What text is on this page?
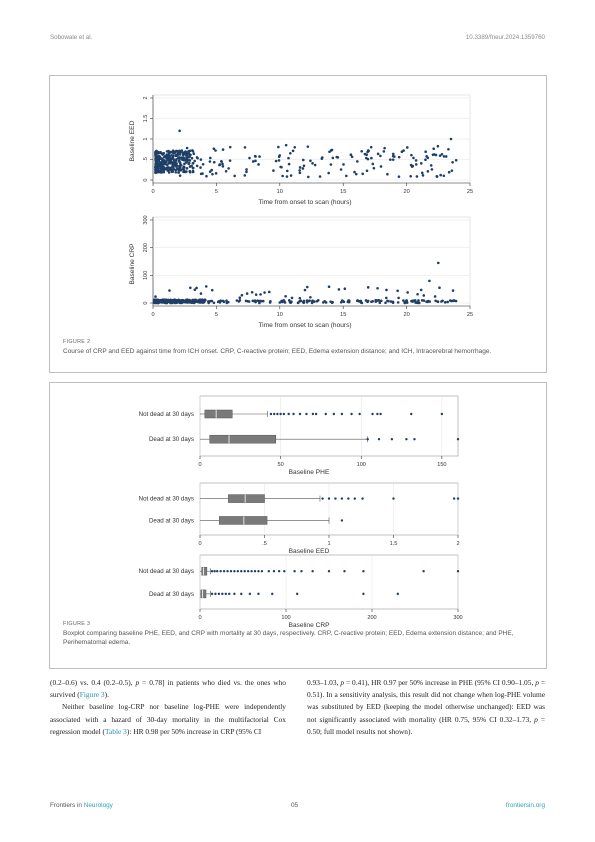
Sobowale et al.	10.3389/fneur.2024.1359760
0
.5
1
1.5
2
0	5	10	15	20	25
Baseline EED
Time from onset to scan (hours)
0
100
200
300
0	5	10	15	20	25
Baseline CRP
Time from onset to scan (hours)
FIGURE 2
Course of CRP and EED against time from ICH onset. CRP, C-reactive protein; EED, Edema extension distance; and ICH, Intracerebral hemorrhage.
0	50	100	150
Baseline PHE
Not dead at 30 days
Dead at 30 days
0	.5	1	1.5	2
Baseline EED
Not dead at 30 days
Dead at 30 days
0	100	200	300
Baseline CRP
Not dead at 30 days
Dead at 30 days
FIGURE 3
Boxplot comparing baseline PHE, EED, and CRP with mortality at 30 days, respectively. CRP, C-reactive protein; EED, Edema extension distance; and PHE, Perihematomal edema.
(0.2–0.6) vs. 0.4 (0.2–0.5), p = 0.78] in patients who died vs. the ones who survived (Figure 3).
Neither baseline log-CRP nor baseline log-PHE were independently associated with a hazard of 30-day mortality in the multifactorial Cox regression model (Table 3): HR 0.98 per 50% increase in CRP (95% CI
0.93–1.03, p = 0.41), HR 0.97 per 50% increase in PHE (95% CI 0.90–1.05, p = 0.51). In a sensitivity analysis, this result did not change when log-PHE volume was substituted by EED (keeping the model otherwise unchanged): EED was not significantly associated with mortality (HR 0.75, 95% CI 0.32–1.73, p = 0.50; full model results not shown).
Frontiers in Neurology	05	frontiersin.org
